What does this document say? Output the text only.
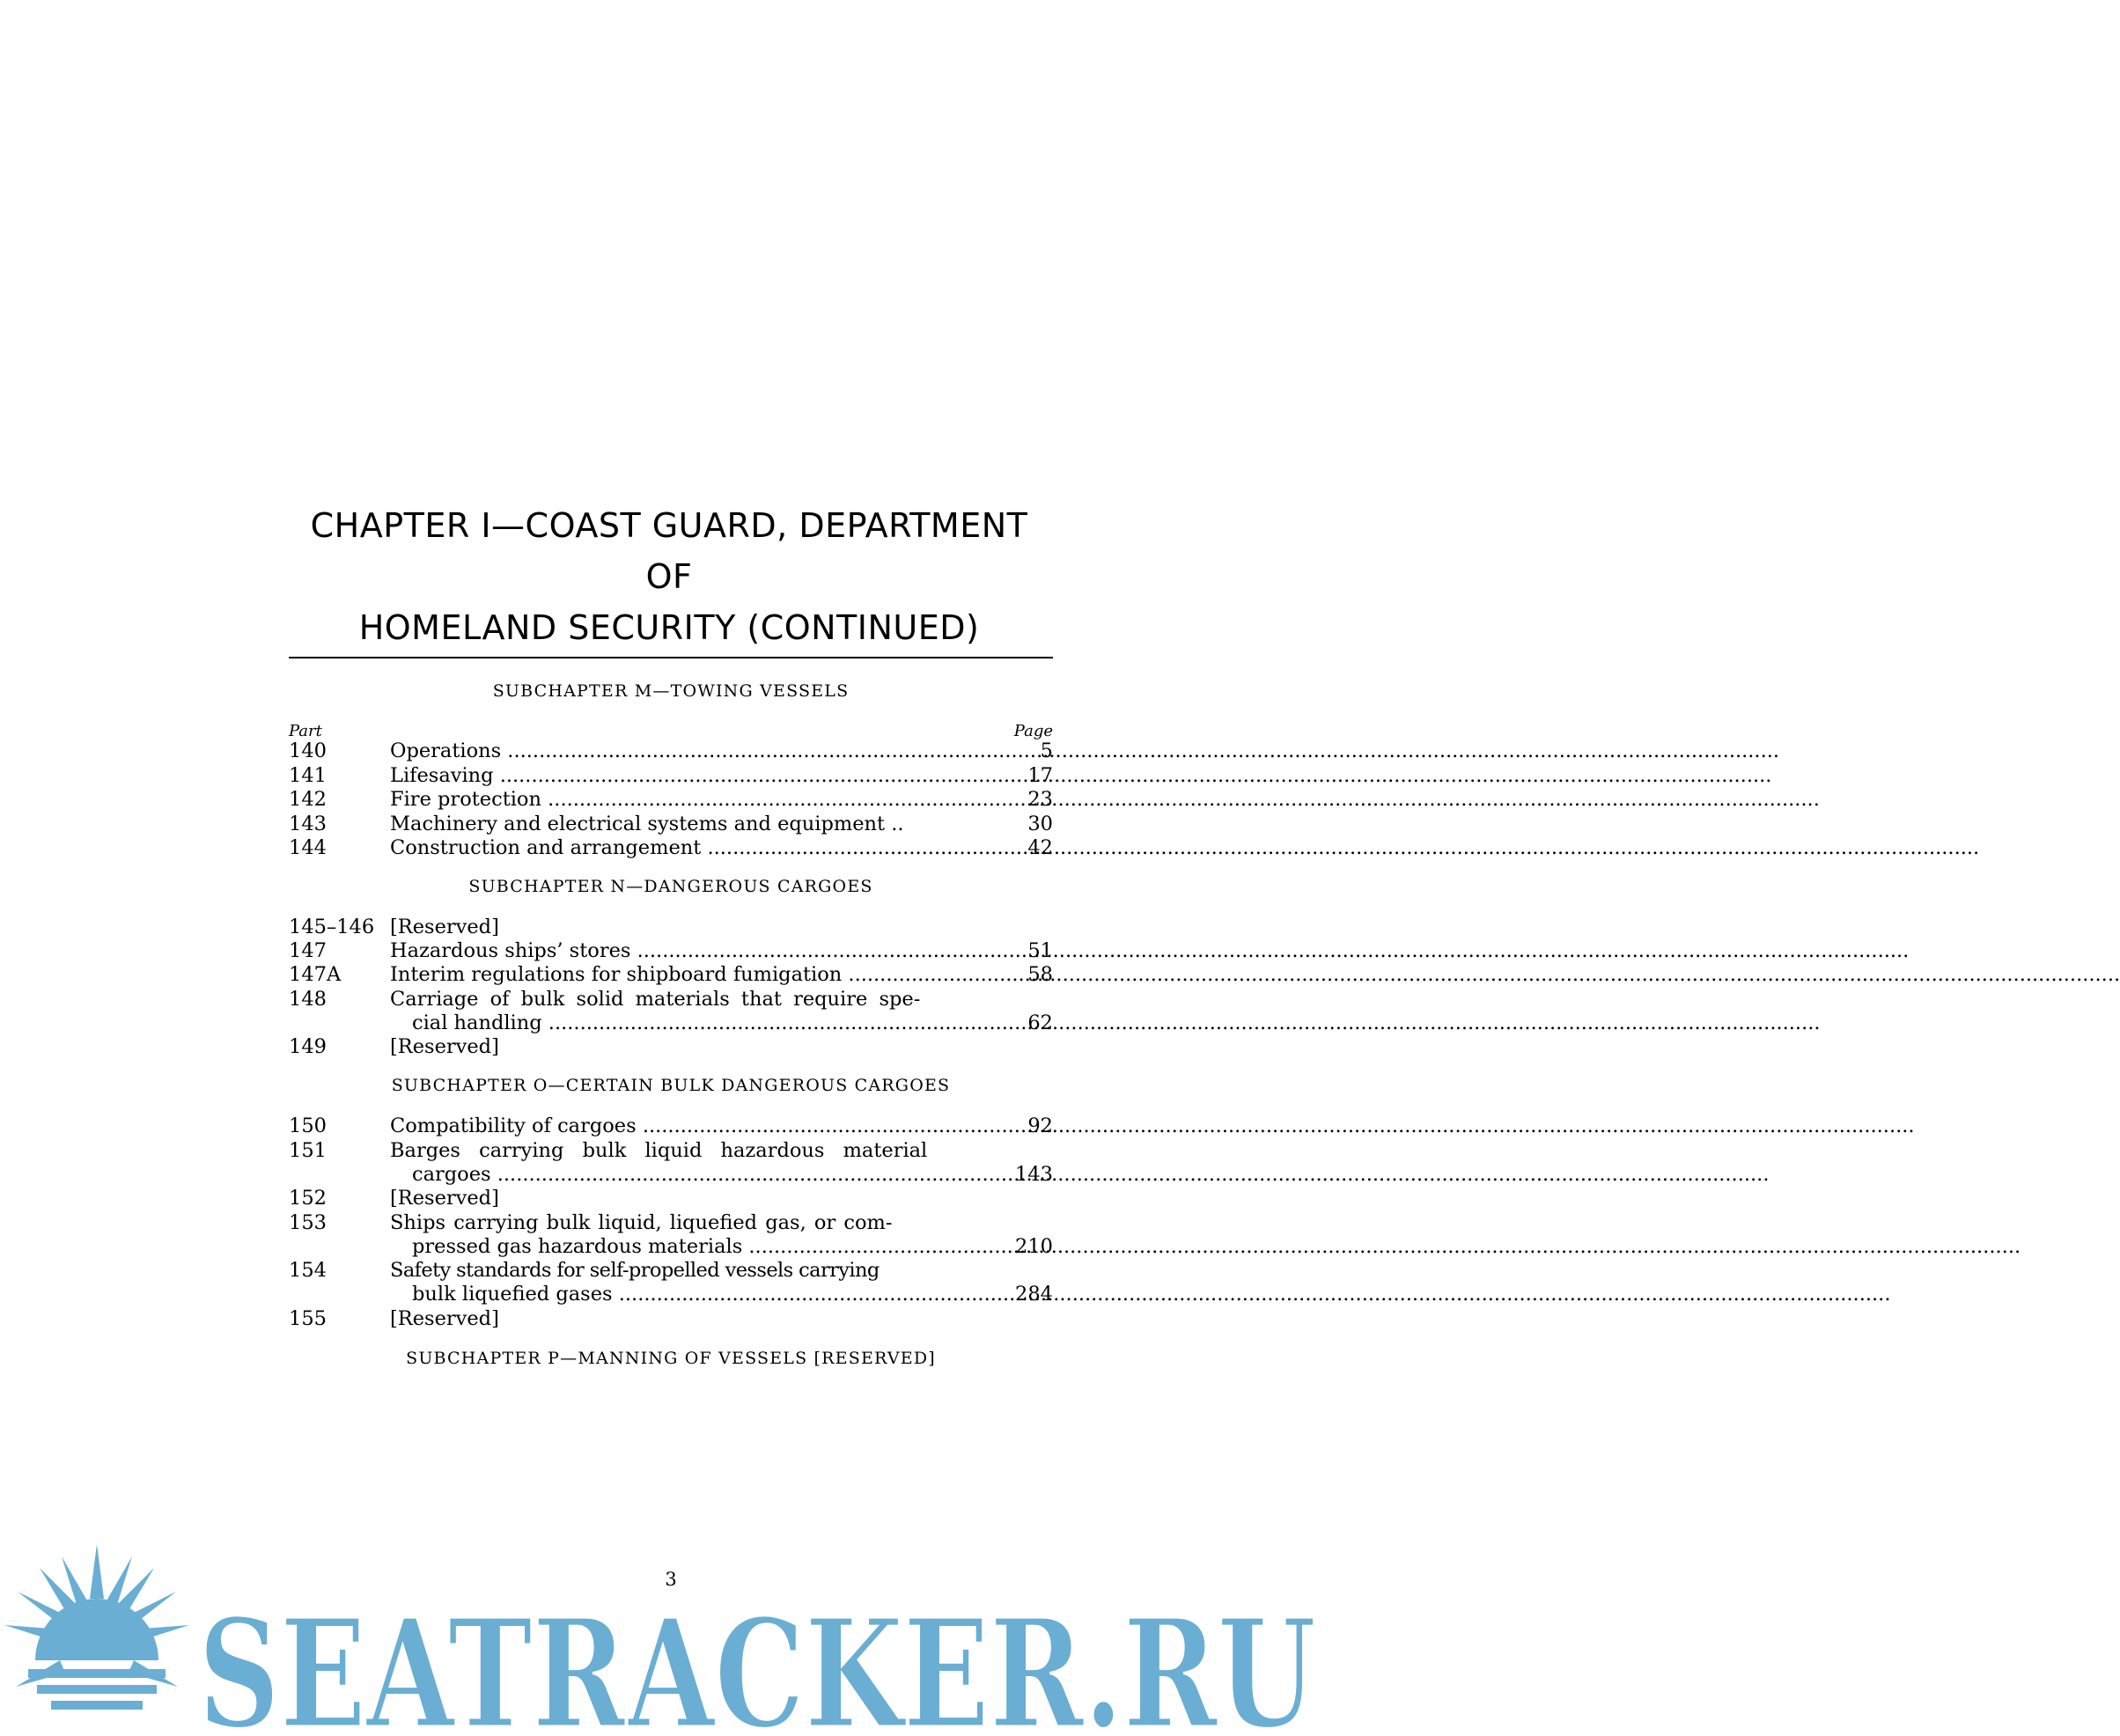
CHAPTER I—COAST GUARD, DEPARTMENT OF
HOMELAND SECURITY (CONTINUED)
SUBCHAPTER M—TOWING VESSELS
Part	Page
140	Operations .....	5
141	Lifesaving .....	17
142	Fire protection .....	23
143	Machinery and electrical systems and equipment ..	30
144	Construction and arrangement .....	42
SUBCHAPTER N—DANGEROUS CARGOES
145–146 [Reserved]
147	Hazardous ships’ stores .....	51
147A	Interim regulations for shipboard fumigation .....	58
148	Carriage of bulk solid materials that require spe-
cial handling .....	62
149	[Reserved]
SUBCHAPTER O—CERTAIN BULK DANGEROUS CARGOES
150	Compatibility of cargoes .....	92
151	Barges carrying bulk liquid hazardous material
cargoes .....	143
152	[Reserved]
153	Ships carrying bulk liquid, liquefied gas, or com-
pressed gas hazardous materials .....	210
154	Safety standards for self-propelled vessels carrying
bulk liquefied gases .....	284
155	[Reserved]
SUBCHAPTER P—MANNING OF VESSELS [RESERVED]
SEATRACKER.RU
3
